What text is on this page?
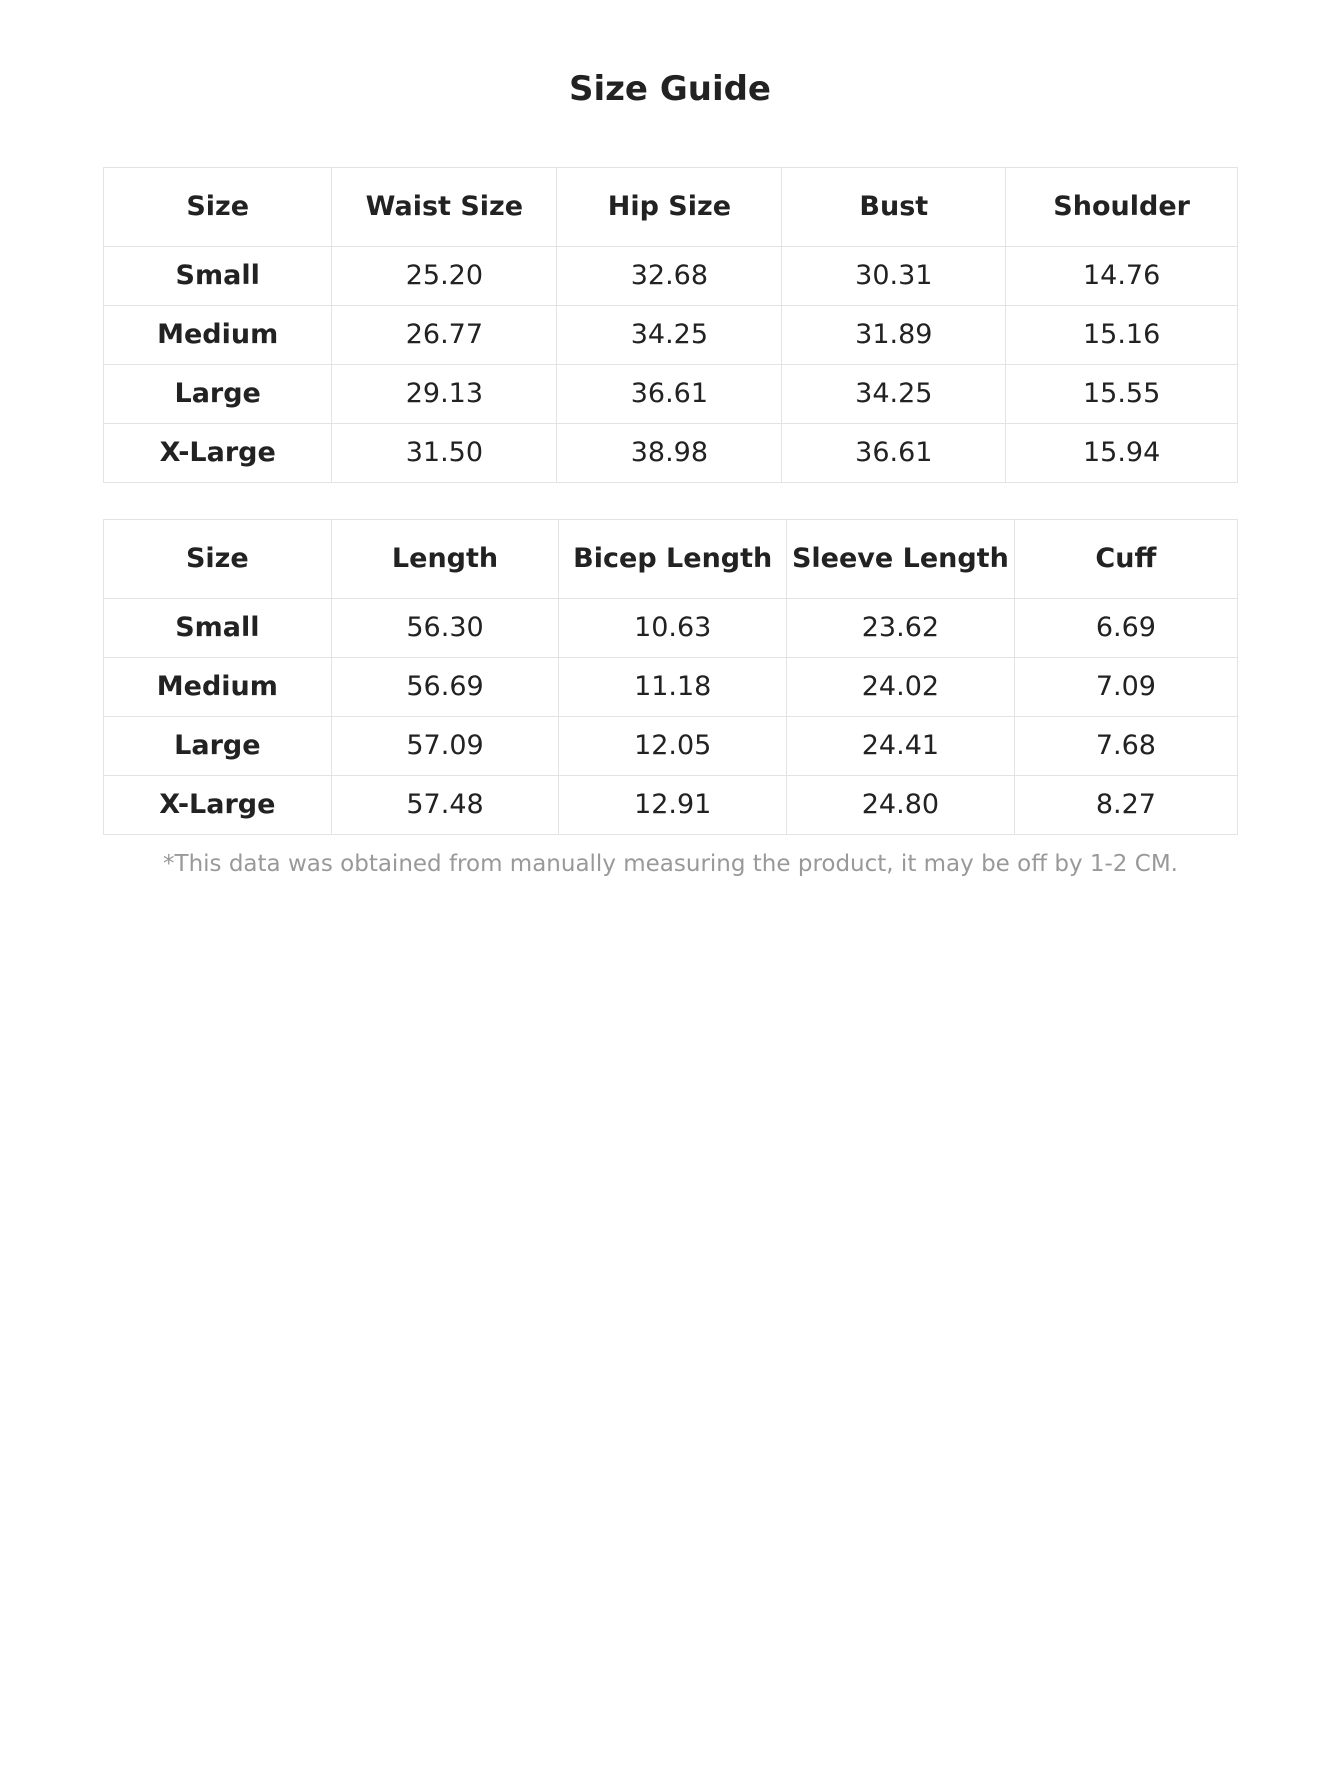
Size Guide
Size	Waist Size	Hip Size	Bust	Shoulder
Small	25.20	32.68	30.31	14.76
Medium	26.77	34.25	31.89	15.16
Large	29.13	36.61	34.25	15.55
X-Large	31.50	38.98	36.61	15.94
Size	Length	Bicep Length	Sleeve Length	Cuff
Small	56.30	10.63	23.62	6.69
Medium	56.69	11.18	24.02	7.09
Large	57.09	12.05	24.41	7.68
X-Large	57.48	12.91	24.80	8.27

*This data was obtained from manually measuring the product, it may be off by 1-2 CM.
